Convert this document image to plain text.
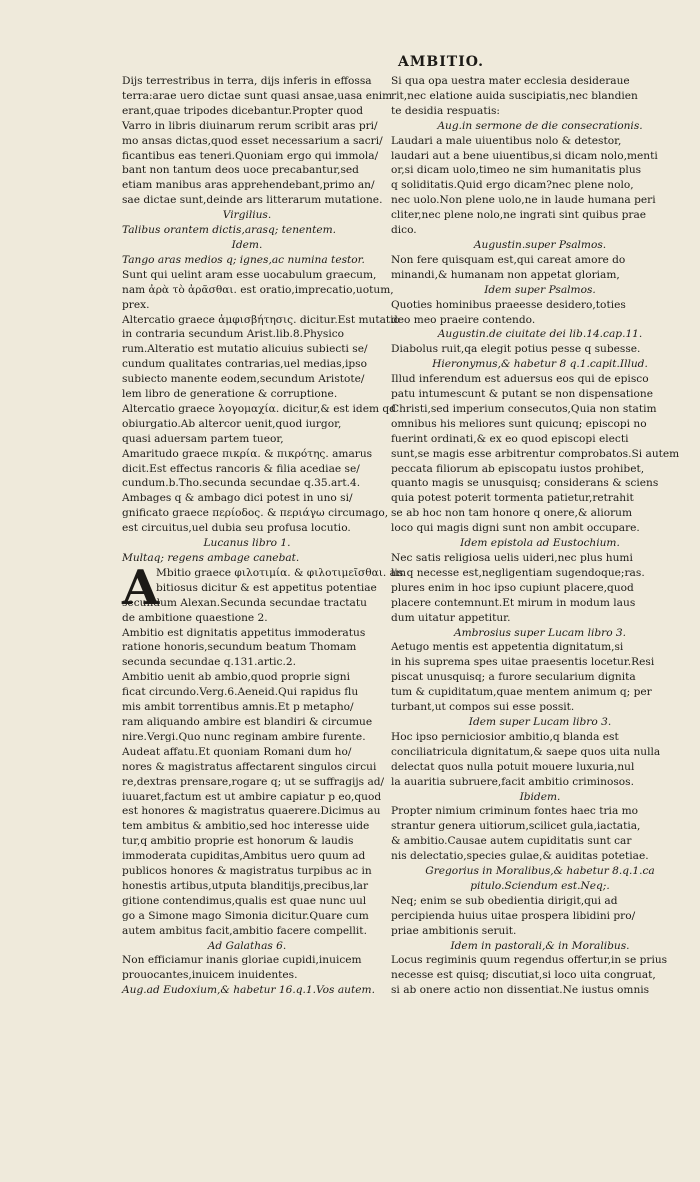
AMBITIO.
Dijs terrestribus in terra, dijs inferis in effossa
terra:arae uero dictae sunt quasi ansae,uasa enim
erant,quae tripodes dicebantur.Propter quod
Varro in libris diuinarum rerum scribit aras pri/
mo ansas dictas,quod esset necessarium a sacri/
ficantibus eas teneri.Quoniam ergo qui immola/
bant non tantum deos uoce precabantur,sed
etiam manibus aras apprehendebant,primo an/
sae dictae sunt,deinde ars litterarum mutatione.
Virgilius.
Talibus orantem dictis,arasq; tenentem.
Idem.
Tango aras medios q; ignes,ac numina testor.
Sunt qui uelint aram esse uocabulum graecum,
nam ἀρὰ τὸ ἀρᾶσθαι. est oratio,imprecatio,uotum,
prex.
Altercatio graece ἀμφισβήτησις. dicitur.Est mutatio
in contraria secundum Arist.lib.8.Physico
rum.Alteratio est mutatio alicuius subiecti se/
cundum qualitates contrarias,uel medias,ipso
subiecto manente eodem,secundum Aristote/
lem libro de generatione & corruptione.
Altercatio graece λογομαχία. dicitur,& est idem qd
obiurgatio.Ab altercor uenit,quod iurgor,
quasi aduersam partem tueor,
Amaritudo graece πικρία. & πικρότης. amarus
dicit.Est effectus rancoris & filia acediae se/
cundum.b.Tho.secunda secundae q.35.art.4.
Ambages q & ambago dici potest in uno si/
gnificato graece περίοδος. & περιάγω circumago,
est circuitus,uel dubia seu profusa locutio.
Lucanus libro 1.
Multaq; regens ambage canebat.
A
Mbitio graece φιλοτιμία. & φιλοτιμεῖσθαι. am
bitiosus dicitur & est appetitus potentiae
secundum Alexan.Secunda secundae tractatu
de ambitione quaestione 2.
Ambitio est dignitatis appetitus immoderatus
ratione honoris,secundum beatum Thomam
secunda secundae q.131.artic.2.
Ambitio uenit ab ambio,quod proprie signi
ficat circundo.Verg.6.Aeneid.Qui rapidus flu
mis ambit torrentibus amnis.Et p metapho/
ram aliquando ambire est blandiri & circumue
nire.Vergi.Quo nunc reginam ambire furente.
Audeat affatu.Et quoniam Romani dum ho/
nores & magistratus affectarent singulos circui
re,dextras prensare,rogare q; ut se suffragijs ad/
iuuaret,factum est ut ambire capiatur p eo,quod
est honores & magistratus quaerere.Dicimus au
tem ambitus & ambitio,sed hoc interesse uide
tur,q ambitio proprie est honorum & laudis
immoderata cupiditas,Ambitus uero quum ad
publicos honores & magistratus turpibus ac in
honestis artibus,utputa blanditijs,precibus,lar
gitione contendimus,qualis est quae nunc uul
go a Simone mago Simonia dicitur.Quare cum
autem ambitus facit,ambitio facere compellit.
Ad Galathas 6.
Non efficiamur inanis gloriae cupidi,inuicem
prouocantes,inuicem inuidentes.
Aug.ad Eudoxium,& habetur 16.q.1.Vos autem.
Si qua opa uestra mater ecclesia desideraue
rit,nec elatione auida suscipiatis,nec blandien
te desidia respuatis:
Aug.in sermone de die consecrationis.
Laudari a male uiuentibus nolo & detestor,
laudari aut a bene uiuentibus,si dicam nolo,menti
or,si dicam uolo,timeo ne sim humanitatis plus
q soliditatis.Quid ergo dicam?nec plene nolo,
nec uolo.Non plene uolo,ne in laude humana peri
cliter,nec plene nolo,ne ingrati sint quibus prae
dico.
Augustin.super Psalmos.
Non fere quisquam est,qui careat amore do
minandi,& humanam non appetat gloriam,
Idem super Psalmos.
Quoties hominibus praeesse desidero,toties
deo meo praeire contendo.
Augustin.de ciuitate dei lib.14.cap.11.
Diabolus ruit,qa elegit potius pesse q subesse.
Hieronymus,& habetur 8 q.1.capit.Illud.
Illud inferendum est aduersus eos qui de episco
patu intumescunt & putant se non dispensatione
Christi,sed imperium consecutos,Quia non statim
omnibus his meliores sunt quicunq; episcopi no
fuerint ordinati,& ex eo quod episcopi electi
sunt,se magis esse arbitrentur comprobatos.Si autem
peccata filiorum ab episcopatu iustos prohibet,
quanto magis se unusquisq; considerans & sciens
quia potest poterit tormenta patietur,retrahit
se ab hoc non tam honore q onere,& aliorum
loco qui magis digni sunt non ambit occupare.
Idem epistola ad Eustochium.
Nec satis religiosa uelis uideri,nec plus humi
lis q necesse est,negligentiam sugendoque;ras.
plures enim in hoc ipso cupiunt placere,quod
placere contemnunt.Et mirum in modum laus
dum uitatur appetitur.
Ambrosius super Lucam libro 3.
Aetugo mentis est appetentia dignitatum,si
in his suprema spes uitae praesentis locetur.Resi
piscat unusquisq; a furore secularium dignita
tum & cupiditatum,quae mentem animum q; per
turbant,ut compos sui esse possit.
Idem super Lucam libro 3.
Hoc ipso perniciosior ambitio,q blanda est
conciliatricula dignitatum,& saepe quos uita nulla
delectat quos nulla potuit mouere luxuria,nul
la auaritia subruere,facit ambitio criminosos.
Ibidem.
Propter nimium criminum fontes haec tria mo
strantur genera uitiorum,scilicet gula,iactatia,
& ambitio.Causae autem cupiditatis sunt car
nis delectatio,species gulae,& auiditas potetiae.
Gregorius in Moralibus,& habetur 8.q.1.ca
pitulo.Sciendum est.Neq;.
Neq; enim se sub obedientia dirigit,qui ad
percipienda huius uitae prospera libidini pro/
priae ambitionis seruit.
Idem in pastorali,& in Moralibus.
Locus regiminis quum regendus offertur,in se prius
necesse est quisq; discutiat,si loco uita congruat,
si ab onere actio non dissentiat.Ne iustus omnis
